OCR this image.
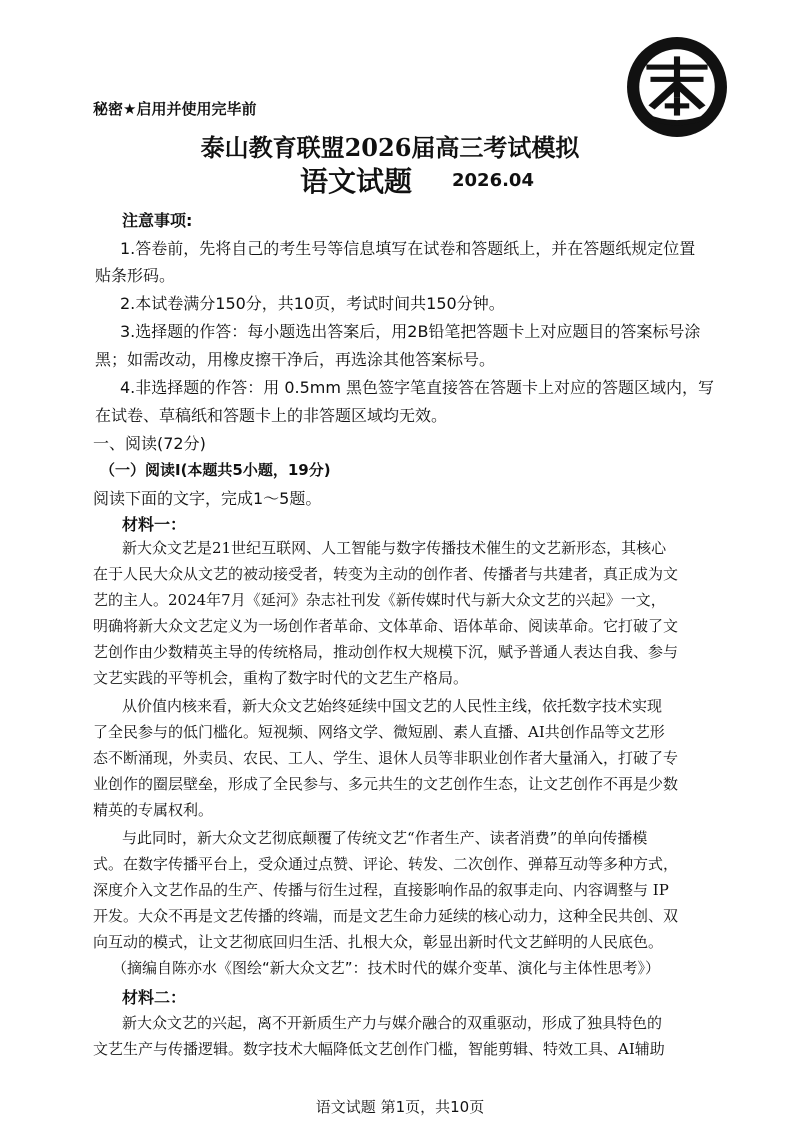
秘密★启用并使用完毕前
泰山教育联盟2026届高三考试模拟
语文试题 2026.04
注意事项:
1.答卷前，先将自己的考生号等信息填写在试卷和答题纸上，并在答题纸规定位置
贴条形码。
2.本试卷满分150分，共10页，考试时间共150分钟。
3.选择题的作答：每小题选出答案后，用2B铅笔把答题卡上对应题目的答案标号涂
黑；如需改动，用橡皮擦干净后，再选涂其他答案标号。
4.非选择题的作答：用 0.5mm 黑色签字笔直接答在答题卡上对应的答题区域内，写
在试卷、草稿纸和答题卡上的非答题区域均无效。
一、阅读(72分)
（一）阅读Ⅰ(本题共5小题，19分)
阅读下面的文字，完成1～5题。
材料一：
新大众文艺是21世纪互联网、人工智能与数字传播技术催生的文艺新形态，其核心
在于人民大众从文艺的被动接受者，转变为主动的创作者、传播者与共建者，真正成为文
艺的主人。2024年7月《延河》杂志社刊发《新传媒时代与新大众文艺的兴起》一文，
明确将新大众文艺定义为一场创作者革命、文体革命、语体革命、阅读革命。它打破了文
艺创作由少数精英主导的传统格局，推动创作权大规模下沉，赋予普通人表达自我、参与
文艺实践的平等机会，重构了数字时代的文艺生产格局。
从价值内核来看，新大众文艺始终延续中国文艺的人民性主线，依托数字技术实现
了全民参与的低门槛化。短视频、网络文学、微短剧、素人直播、AI共创作品等文艺形
态不断涌现，外卖员、农民、工人、学生、退休人员等非职业创作者大量涌入，打破了专
业创作的圈层壁垒，形成了全民参与、多元共生的文艺创作生态，让文艺创作不再是少数
精英的专属权利。
与此同时，新大众文艺彻底颠覆了传统文艺“作者生产、读者消费”的单向传播模
式。在数字传播平台上，受众通过点赞、评论、转发、二次创作、弹幕互动等多种方式，
深度介入文艺作品的生产、传播与衍生过程，直接影响作品的叙事走向、内容调整与 IP
开发。大众不再是文艺传播的终端，而是文艺生命力延续的核心动力，这种全民共创、双
向互动的模式，让文艺彻底回归生活、扎根大众，彰显出新时代文艺鲜明的人民底色。
（摘编自陈亦水《图绘“新大众文艺”：技术时代的媒介变革、演化与主体性思考》）
材料二：
新大众文艺的兴起，离不开新质生产力与媒介融合的双重驱动，形成了独具特色的
文艺生产与传播逻辑。数字技术大幅降低文艺创作门槛，智能剪辑、特效工具、AI辅助
语文试题 第1页，共10页
